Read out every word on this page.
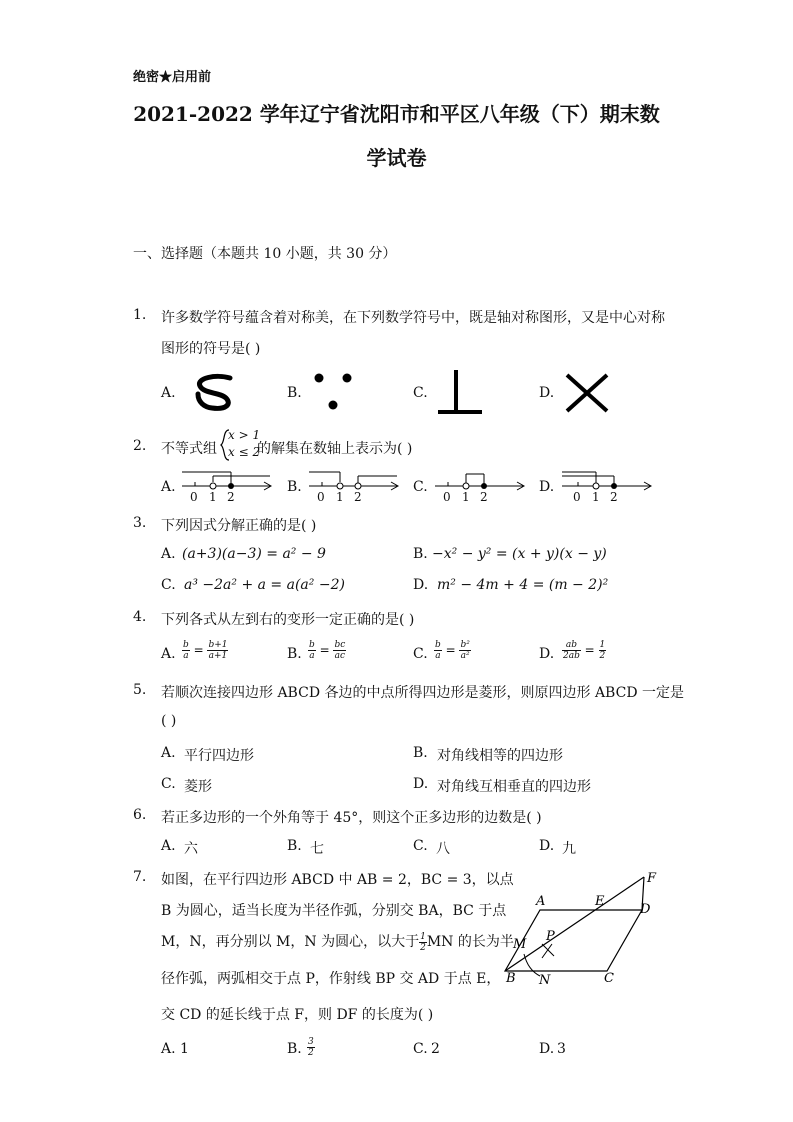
绝密★启用前
2021-2022 学年辽宁省沈阳市和平区八年级（下）期末数
学试卷
一、选择题（本题共 10 小题，共 30 分）
1. 许多数学符号蕴含着对称美，在下列数学符号中，既是轴对称图形，又是中心对称
图形的符号是( )
A.	B.	C.	D.
2. 不等式组
x > 1
x ≤ 2
的解集在数轴上表示为( )
A.
0 1 2
B.
0 1 2
C.
0 1 2
D.
0 1 2
3. 下列因式分解正确的是( )
A. (a+3)(a−3) = a² − 9	B. −x² − y² = (x + y)(x − y)
C. a³ −2a² + a = a(a² −2)	D. m² − 4m + 4 = (m − 2)²
4. 下列各式从左到右的变形一定正确的是( )
A. $\frac{b}{a} = \frac{b+1}{a+1}$	B. $\frac{b}{a} = \frac{bc}{ac}$	C. $\frac{b}{a} = \frac{\text{b²}}{\text{a²}}$	D. $\frac{ab}{2ab} = \frac{1}{2}$
5. 若顺次连接四边形 ABCD 各边的中点所得四边形是菱形，则原四边形 ABCD 一定是
( )
A. 平行四边形	B. 对角线相等的四边形
C. 菱形	D. 对角线互相垂直的四边形
6. 若正多边形的一个外角等于 45°，则这个正多边形的边数是( )
A. 六	B. 七	C. 八	D. 九
7. 如图，在平行四边形 ABCD 中 AB = 2，BC = 3，以点
B 为圆心，适当长度为半径作弧，分别交 BA，BC 于点
M，N，再分别以 M，N 为圆心，以大于 $\frac{1}{2}$ MN 的长为半
径作弧，两弧相交于点 P，作射线 BP 交 AD 于点 E，
交 CD 的延长线于点 F，则 DF 的长度为( )
A	E
D
F
M
P
B N	C
A. 1	B. $\frac{3}{2}$	C. 2	D. 3
